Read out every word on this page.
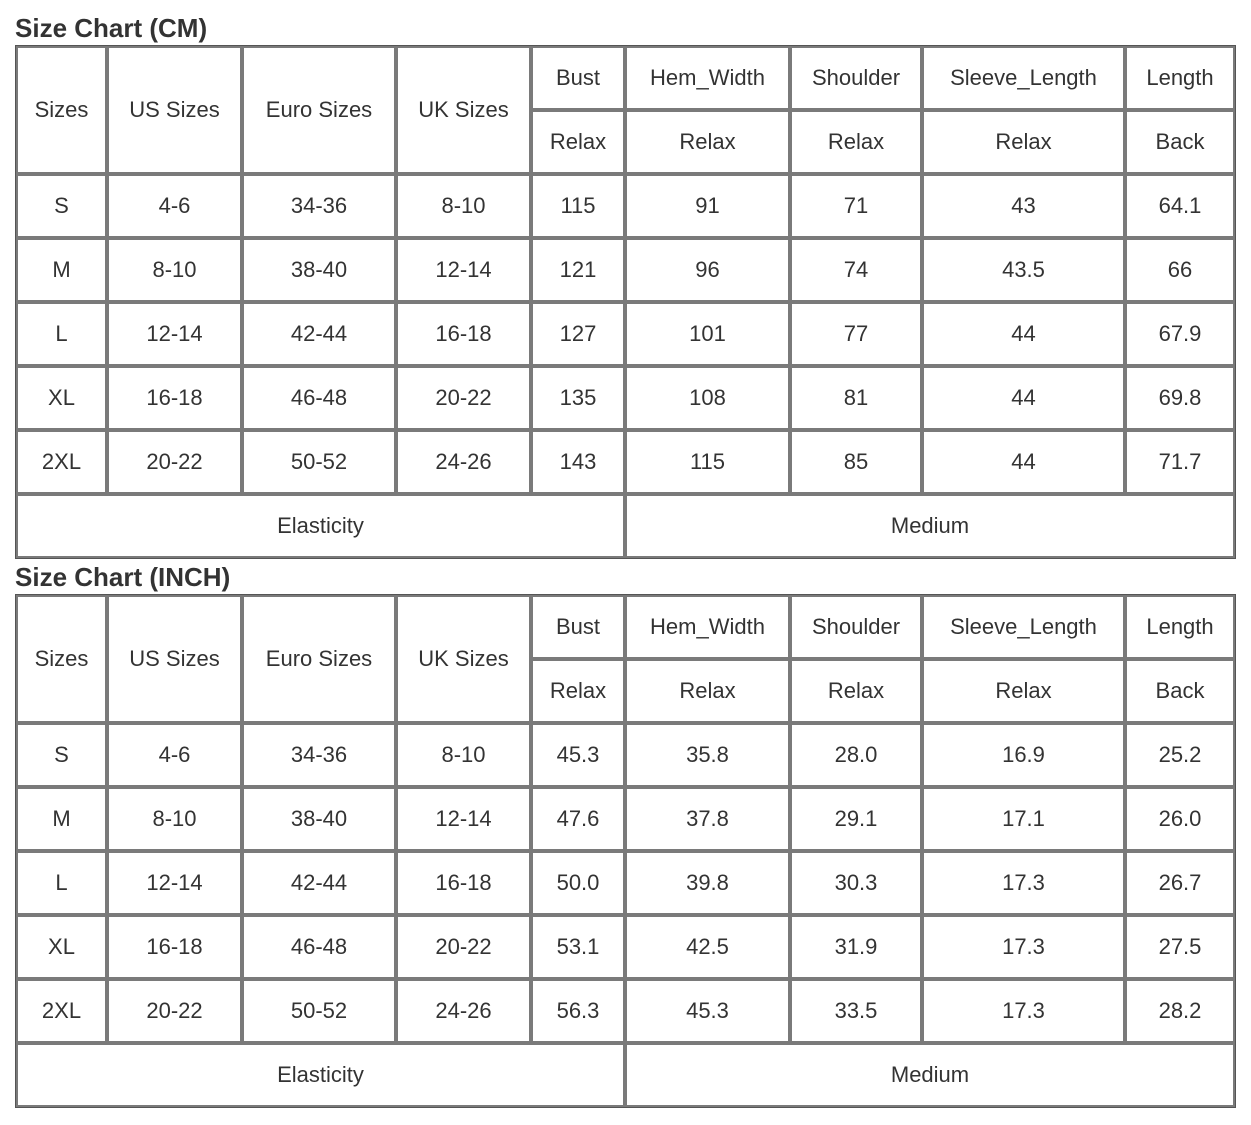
Size Chart (CM)
Sizes	US Sizes	Euro Sizes	UK Sizes	Bust	Hem_Width	Shoulder	Sleeve_Length	Length
				Relax	Relax	Relax	Relax	Back
S	4-6	34-36	8-10	115	91	71	43	64.1
M	8-10	38-40	12-14	121	96	74	43.5	66
L	12-14	42-44	16-18	127	101	77	44	67.9
XL	16-18	46-48	20-22	135	108	81	44	69.8
2XL	20-22	50-52	24-26	143	115	85	44	71.7
Elasticity					Medium			
Size Chart (INCH)
Sizes	US Sizes	Euro Sizes	UK Sizes	Bust	Hem_Width	Shoulder	Sleeve_Length	Length
				Relax	Relax	Relax	Relax	Back
S	4-6	34-36	8-10	45.3	35.8	28.0	16.9	25.2
M	8-10	38-40	12-14	47.6	37.8	29.1	17.1	26.0
L	12-14	42-44	16-18	50.0	39.8	30.3	17.3	26.7
XL	16-18	46-48	20-22	53.1	42.5	31.9	17.3	27.5
2XL	20-22	50-52	24-26	56.3	45.3	33.5	17.3	28.2
Elasticity					Medium			
